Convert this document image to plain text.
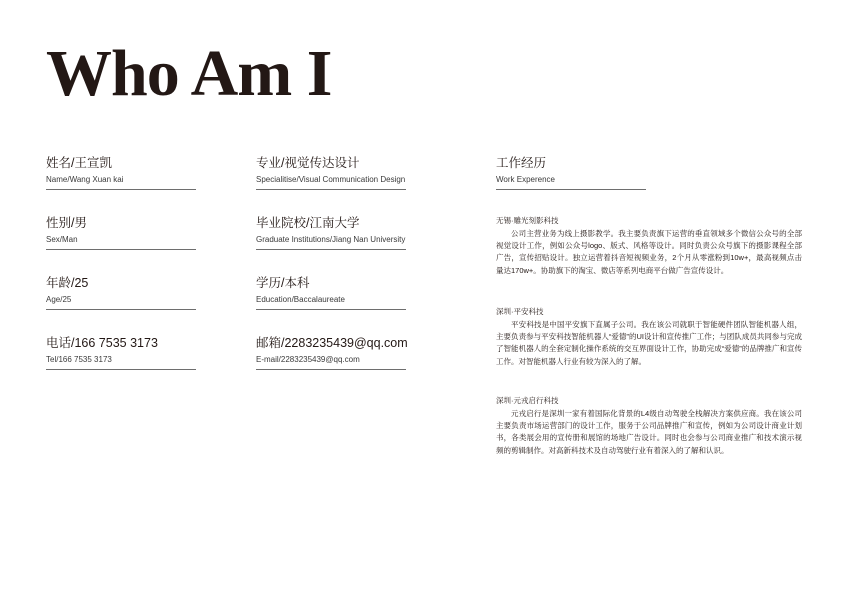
Who Am I
姓名/王宣凯
Name/Wang Xuan kai
性别/男
Sex/Man
年龄/25
Age/25
电话/166 7535 3173
Tel/166 7535 3173
专业/视觉传达设计
Specialitise/Visual Communication Design
毕业院校/江南大学
Graduate Institutions/Jiang Nan University
学历/本科
Education/Baccalaureate
邮箱/2283235439@qq.com
E-mail/2283235439@qq.com
工作经历
Work Experence
无锡·雕光刻影科技

公司主营业务为线上摄影教学。我主要负责旗下运营的垂直领域多个微信公众号的全部视觉设计工作，例如公众号logo、版式、风格等设计。同时负责公众号旗下的摄影课程全部广告，宣传招贴设计。独立运营着抖音短视频业务，2个月从零涨粉到10w+，最高视频点击量达170w+。协助旗下的淘宝、微店等系列电商平台做广告宣传设计。

深圳·平安科技

平安科技是中国平安旗下直属子公司。我在该公司就职于智能硬件团队智能机器人组，主要负责参与平安科技智能机器人“爱德”的UI设计和宣传推广工作；与团队成员共同参与完成了智能机器人的全套定制化操作系统的交互界面设计工作，协助完成“爱德”的品牌推广和宣传工作。对智能机器人行业有较为深入的了解。

深圳·元戎启行科技

元戎启行是深圳一家有着国际化背景的L4级自动驾驶全栈解决方案供应商。我在该公司主要负责市场运营部门的设计工作，服务于公司品牌推广和宣传，例如为公司设计商业计划书，各类展会用的宣传册和展馆的场地广告设计。同时也会参与公司商业推广和技术演示视频的剪辑制作。对高新科技术及自动驾驶行业有着深入的了解和认识。
